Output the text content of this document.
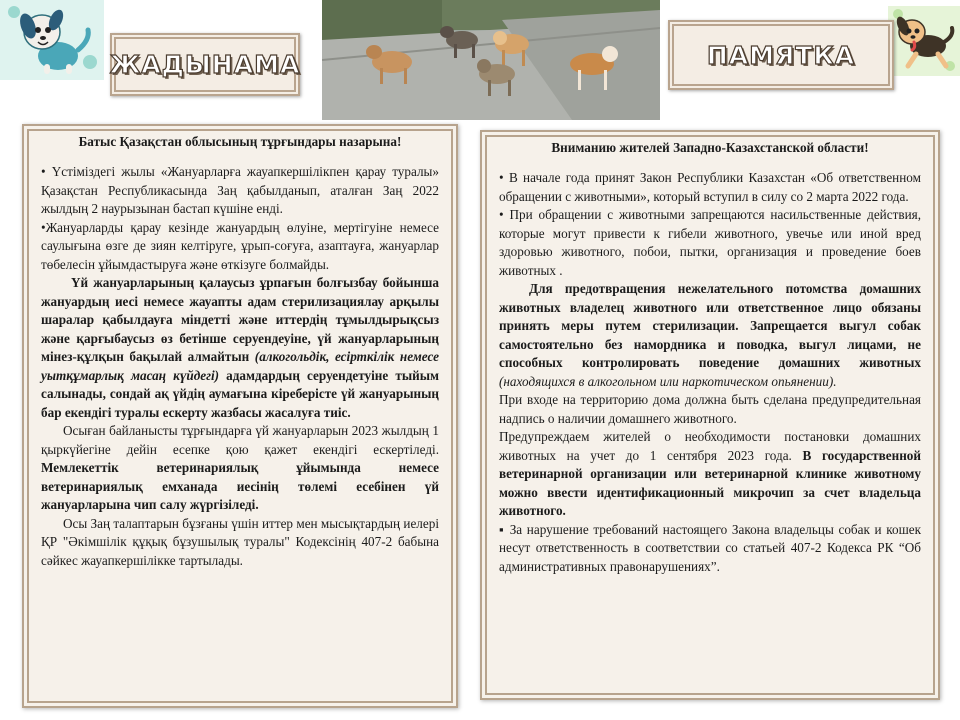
ЖАДЫНАМА	ПАМЯТКА

Батыс Қазақстан облысының тұрғындары назарына!

• Үстіміздегі жылы «Жануарларға жауапкершілікпен қарау туралы» Қазақстан Республикасында Заң қабылданып, аталған Заң 2022 жылдың 2 наурызынан бастап күшіне енді.

•Жануарларды қарау кезінде жануардың өлуіне, мертігуіне немесе саулығына өзге де зиян келтіруге, ұрып-соғуға, азаптауға, жануарлар төбелесін ұйымдастыруға және өткізуге болмайды.

Үй жануарларының қалаусыз ұрпағын болғызбау бойынша жануардың иесі немесе жауапты адам стерилизациялау арқылы шаралар қабылдауға міндетті және иттердің тұмылдырықсыз және қарғыбаусыз өз бетінше серуендеуіне, үй жануарларының мінез-құлқын бақылай алмайтын (алкогольдік, есірткілік немесе уытқұмарлық масаң күйдегі) адамдардың серуендетуіне тыйым салынады, сондай ақ үйдің аумағына кіреберісте үй жануарының бар екендігі туралы ескерту жазбасы жасалуға тиіс.

Осыған байланысты тұрғындарға үй жануарларын 2023 жылдың 1 қыркүйегіне дейін есепке қою қажет екендігі ескертіледі. Мемлекеттік ветеринариялық ұйымында немесе ветеринариялық емханада иесінің төлемі есебінен үй жануарларына чип салу жүргізіледі.

Осы Заң талаптарын бұзғаны үшін иттер мен мысықтардың иелері ҚР "Әкімшілік құқық бұзушылық туралы" Кодексінің 407-2 бабына сәйкес жауапкершілікке тартылады.

Вниманию жителей Западно-Казахстанской области!

• В начале года принят Закон Республики Казахстан «Об ответственном обращении с животными», который вступил в силу со 2 марта 2022 года.

• При обращении с животными запрещаются насильственные действия, которые могут привести к гибели животного, увечье или иной вред здоровью животного, побои, пытки, организация и проведение боев животных .

Для предотвращения нежелательного потомства домашних животных владелец животного или ответственное лицо обязаны принять меры путем стерилизации. Запрещается выгул собак самостоятельно без намордника и поводка, выгул лицами, не способных контролировать поведение домашних животных (находящихся в алкогольном или наркотическом опьянении).

При входе на территорию дома должна быть сделана предупредительная надпись о наличии домашнего животного.

Предупреждаем жителей о необходимости постановки домашних животных на учет до 1 сентября 2023 года. В государственной ветеринарной организации или ветеринарной клинике животному можно ввести идентификационный микрочип за счет владельца животного.

▪ За нарушение требований настоящего Закона владельцы собак и кошек несут ответственность в соответствии со статьей 407-2 Кодекса РК “Об административных правонарушениях”.
